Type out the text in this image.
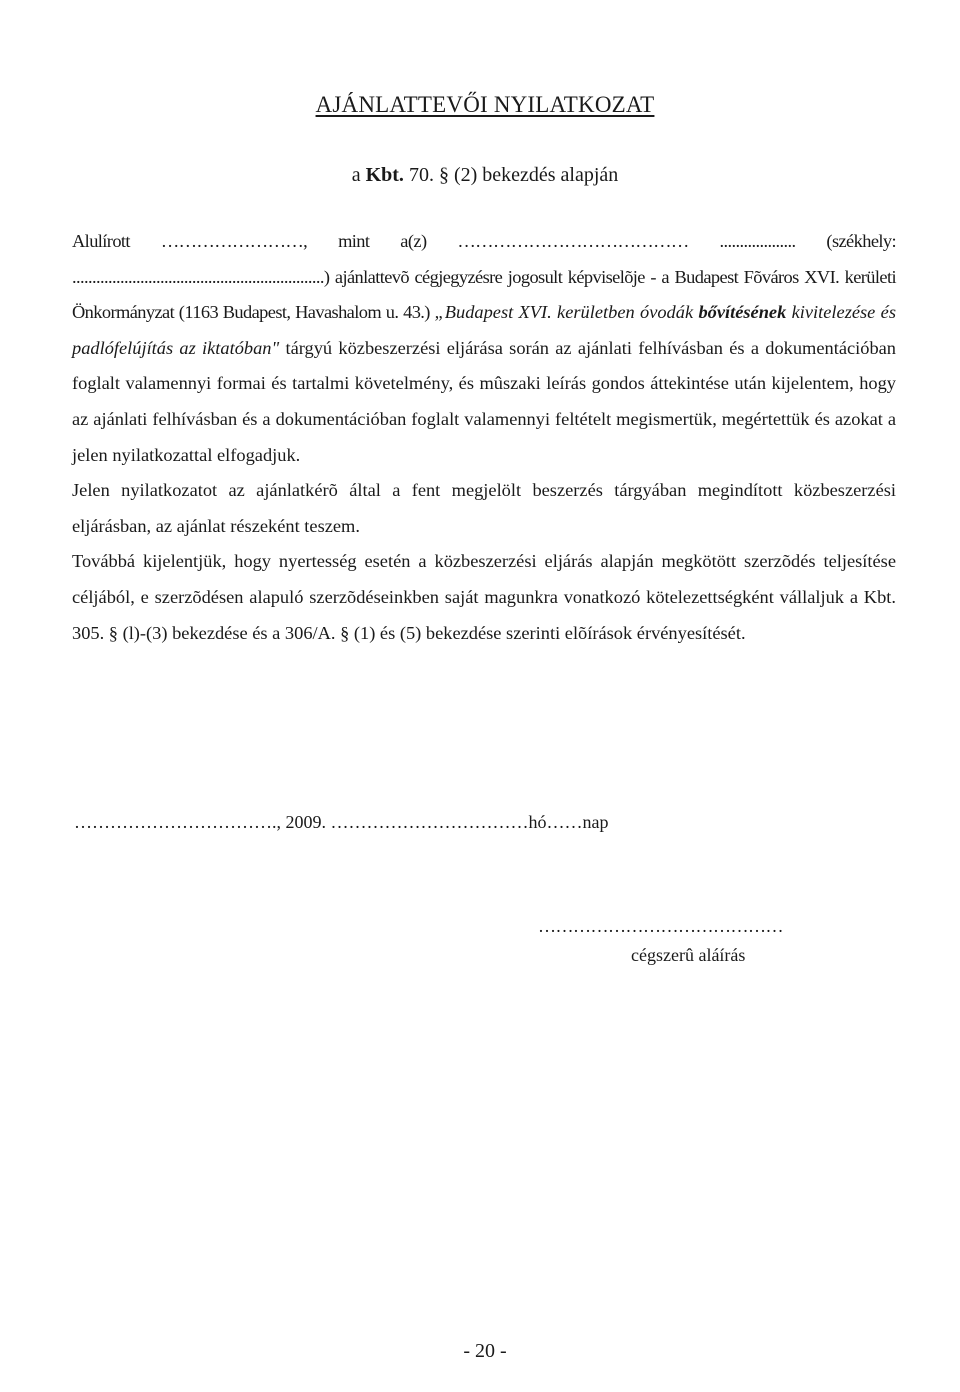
AJÁNLATTEVŐI NYILATKOZAT
a Kbt. 70. § (2) bekezdés alapján

Alulírott ……………………, mint a(z) ………………………………… ................... (székhely: ...............................................................) ajánlattevõ cégjegyzésre jogosult képviselõje - a Budapest Fõváros XVI. kerületi Önkormányzat (1163 Budapest, Havashalom u. 43.) „Budapest XVI. kerületben óvodák bővítésének kivitelezése és padlófelújítás az iktatóban" tárgyú közbeszerzési eljárása során az ajánlati felhívásban és a dokumentációban foglalt valamennyi formai és tartalmi követelmény, és mûszaki leírás gondos áttekintése után kijelentem, hogy az ajánlati felhívásban és a dokumentációban foglalt valamennyi feltételt megismertük, megértettük és azokat a jelen nyilatkozattal elfogadjuk.

Jelen nyilatkozatot az ajánlatkérõ által a fent megjelölt beszerzés tárgyában megindított közbeszerzési eljárásban, az ajánlat részeként teszem.

Továbbá kijelentjük, hogy nyertesség esetén a közbeszerzési eljárás alapján megkötött szerzõdés teljesítése céljából, e szerzõdésen alapuló szerzõdéseinkben saját magunkra vonatkozó kötelezettségként vállaljuk a Kbt. 305. § (l)-(3) bekezdése és a 306/A. § (1) és (5) bekezdése szerinti elõírások érvényesítését.

……………………………., 2009. ……………………………hó……nap
……………………………………
cégszerû aláírás
- 20 -
